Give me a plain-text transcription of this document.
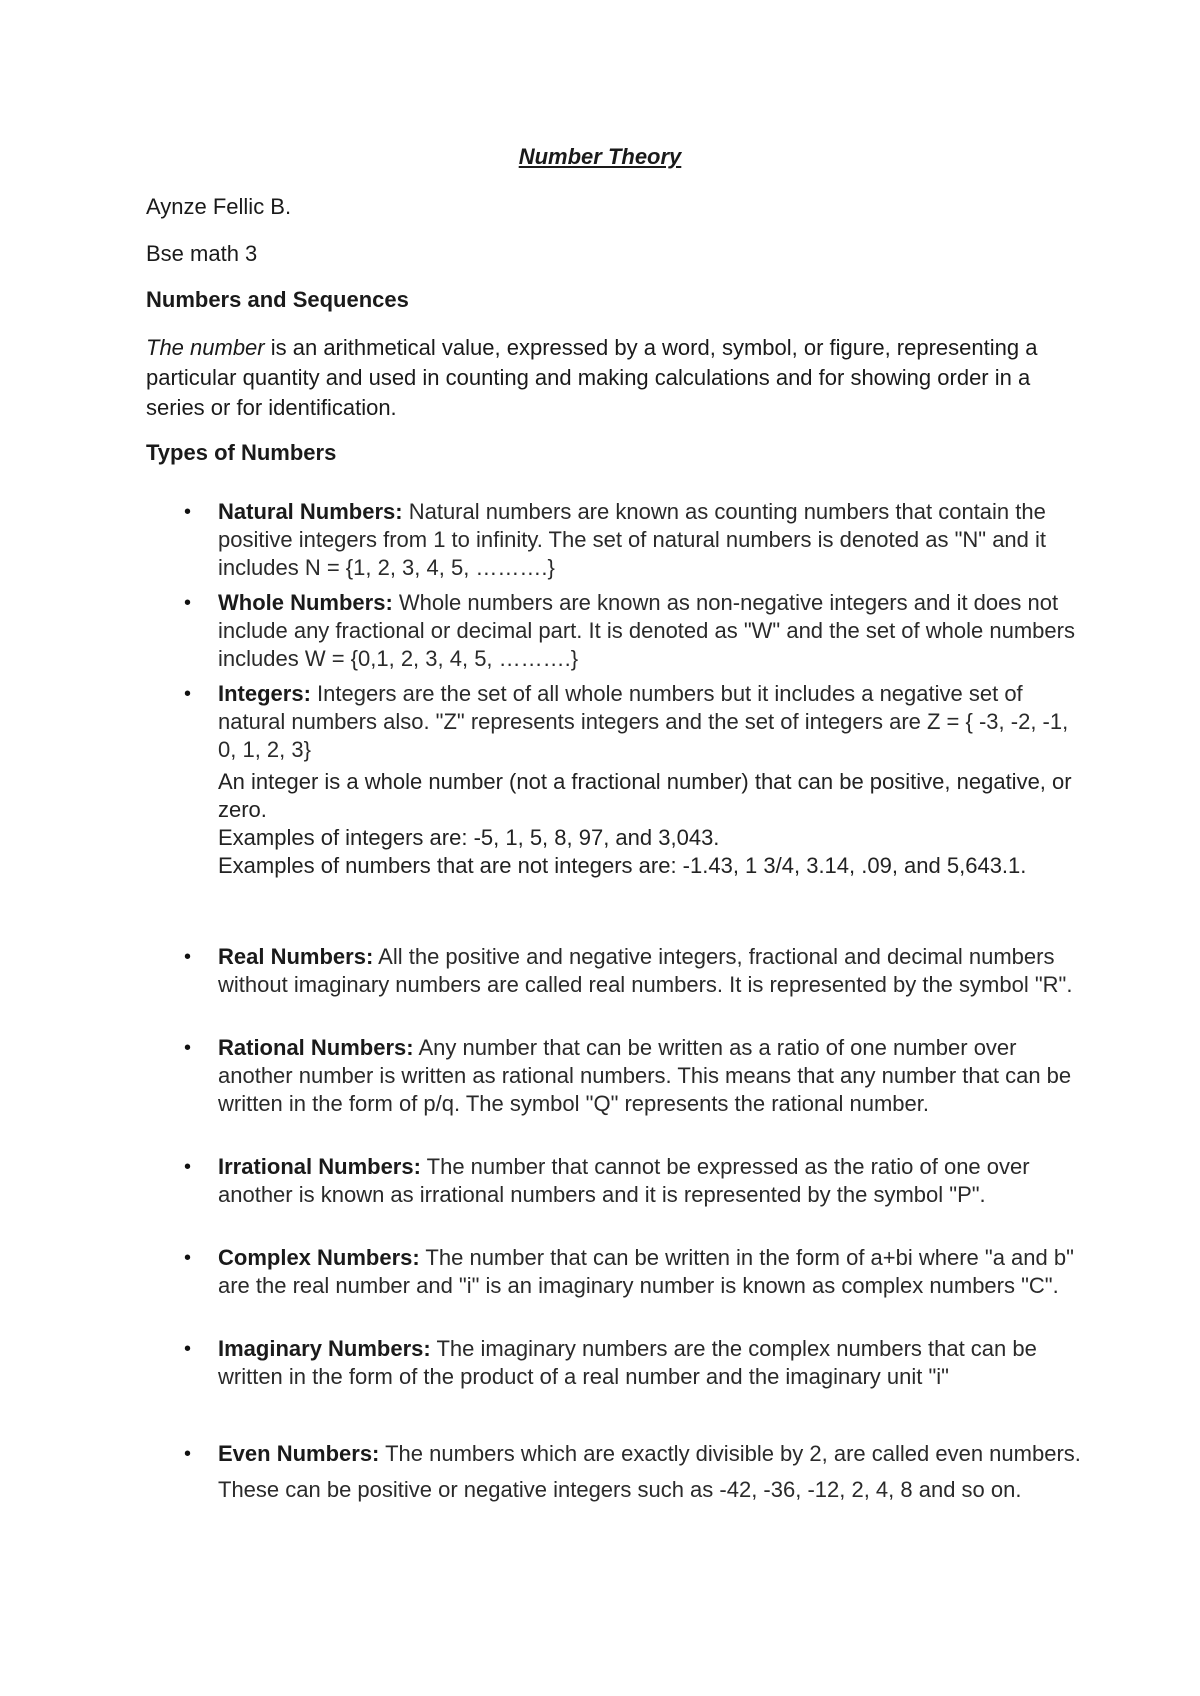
Number Theory

Aynze Fellic B.

Bse math 3

Numbers and Sequences

The number is an arithmetical value, expressed by a word, symbol, or figure, representing a particular quantity and used in counting and making calculations and for showing order in a series or for identification.

Types of Numbers

• Natural Numbers: Natural numbers are known as counting numbers that contain the positive integers from 1 to infinity. The set of natural numbers is denoted as "N" and it includes N = {1, 2, 3, 4, 5, ……….}
• Whole Numbers: Whole numbers are known as non-negative integers and it does not include any fractional or decimal part. It is denoted as "W" and the set of whole numbers includes W = {0,1, 2, 3, 4, 5, ……….}
• Integers: Integers are the set of all whole numbers but it includes a negative set of natural numbers also. "Z" represents integers and the set of integers are Z = { -3, -2, -1, 0, 1, 2, 3}
An integer is a whole number (not a fractional number) that can be positive, negative, or zero.
Examples of integers are: -5, 1, 5, 8, 97, and 3,043.
Examples of numbers that are not integers are: -1.43, 1 3/4, 3.14, .09, and 5,643.1.
• Real Numbers: All the positive and negative integers, fractional and decimal numbers without imaginary numbers are called real numbers. It is represented by the symbol "R".
• Rational Numbers: Any number that can be written as a ratio of one number over another number is written as rational numbers. This means that any number that can be written in the form of p/q. The symbol "Q" represents the rational number.
• Irrational Numbers: The number that cannot be expressed as the ratio of one over another is known as irrational numbers and it is represented by the symbol "P".
• Complex Numbers: The number that can be written in the form of a+bi where "a and b" are the real number and "i" is an imaginary number is known as complex numbers "C".
• Imaginary Numbers: The imaginary numbers are the complex numbers that can be written in the form of the product of a real number and the imaginary unit "i"
• Even Numbers: The numbers which are exactly divisible by 2, are called even numbers. These can be positive or negative integers such as -42, -36, -12, 2, 4, 8 and so on.
